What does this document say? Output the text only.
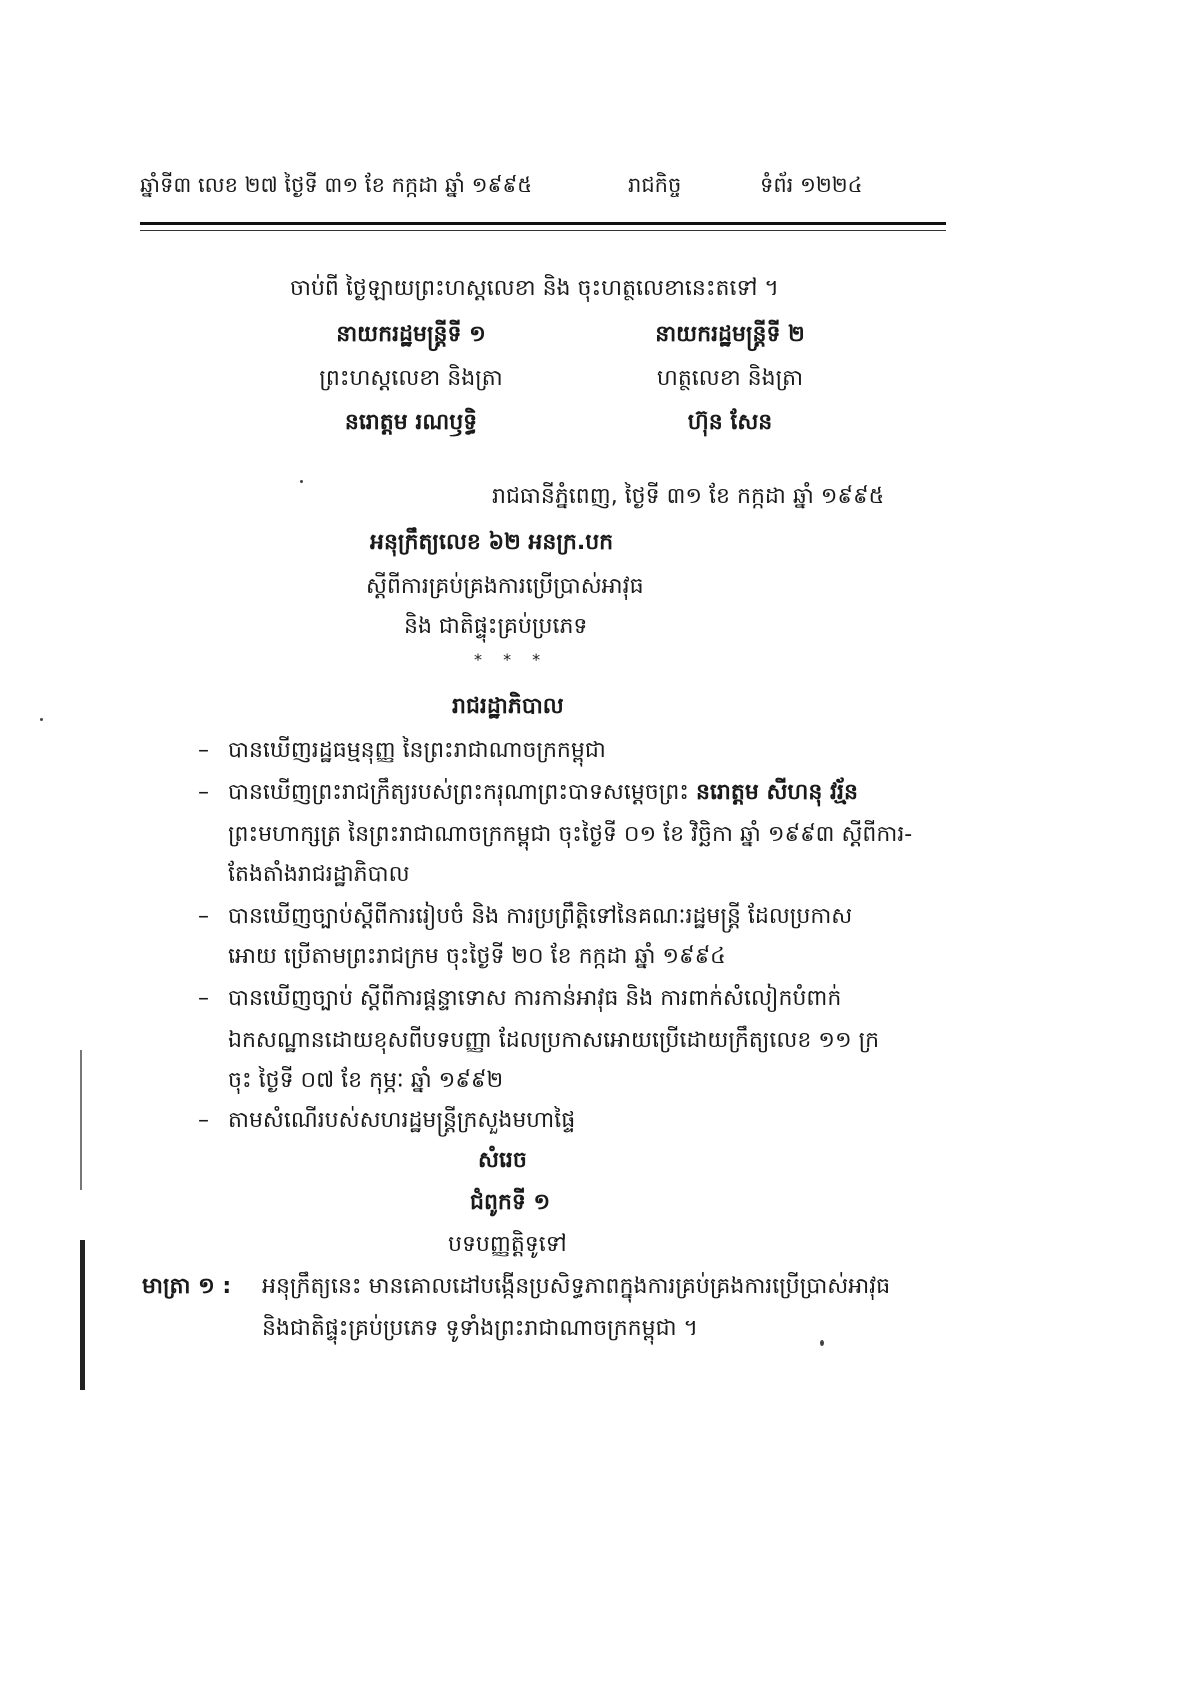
ឆ្នាំទី៣ លេខ ២៧ ថ្ងៃទី ៣១ ខែ កក្កដា ឆ្នាំ ១៩៩៥	រាជកិច្ច	ទំព័រ ១២២៤
ចាប់ពី ថ្ងៃឡាយព្រះហស្តលេខា និង ចុះហត្ថលេខានេះតទៅ ។
នាយករដ្ឋមន្ត្រីទី ១	នាយករដ្ឋមន្ត្រីទី ២
ព្រះហស្តលេខា និងត្រា	ហត្ថលេខា និងត្រា
នរោត្តម រណឫទ្ធិ	ហ៊ុន សែន
រាជធានីភ្នំពេញ, ថ្ងៃទី ៣១ ខែ កក្កដា ឆ្នាំ ១៩៩៥
អនុក្រឹត្យលេខ ៦២ អនក្រ.បក
ស្តីពីការគ្រប់គ្រងការប្រើប្រាស់អាវុធ
និង ជាតិផ្ទុះគ្រប់ប្រភេទ
* * *
រាជរដ្ឋាភិបាល
– បានឃើញរដ្ឋធម្មនុញ្ញ នៃព្រះរាជាណាចក្រកម្ពុជា
– បានឃើញព្រះរាជក្រឹត្យរបស់ព្រះករុណាព្រះបាទសម្តេចព្រះ នរោត្តម សីហនុ វរ្ម័ន
ព្រះមហាក្សត្រ នៃព្រះរាជាណាចក្រកម្ពុជា ចុះថ្ងៃទី ០១ ខែ វិច្ឆិកា ឆ្នាំ ១៩៩៣ ស្តីពីការ-
តែងតាំងរាជរដ្ឋាភិបាល
– បានឃើញច្បាប់ស្តីពីការរៀបចំ និង ការប្រព្រឹត្តិទៅនៃគណៈរដ្ឋមន្ត្រី ដែលប្រកាស
អោយ ប្រើតាមព្រះរាជក្រម ចុះថ្ងៃទី ២០ ខែ កក្កដា ឆ្នាំ ១៩៩៤
– បានឃើញច្បាប់ ស្តីពីការផ្តន្ទាទោស ការកាន់អាវុធ និង ការពាក់សំលៀកបំពាក់
ឯកសណ្ឋានដោយខុសពីបទបញ្ញា ដែលប្រកាសអោយប្រើដោយក្រឹត្យលេខ ១១ ក្រ
ចុះ ថ្ងៃទី ០៧ ខែ កុម្ភៈ ឆ្នាំ ១៩៩២
– តាមសំណើរបស់សហរដ្ឋមន្ត្រីក្រសួងមហាផ្ទៃ
សំរេច
ជំពូកទី ១
បទបញ្ញត្តិទូទៅ
មាត្រា ១ : អនុក្រឹត្យនេះ មានគោលដៅបង្កើនប្រសិទ្ធភាពក្នុងការគ្រប់គ្រងការប្រើប្រាស់អាវុធ
និងជាតិផ្ទុះគ្រប់ប្រភេទ ទូទាំងព្រះរាជាណាចក្រកម្ពុជា ។
